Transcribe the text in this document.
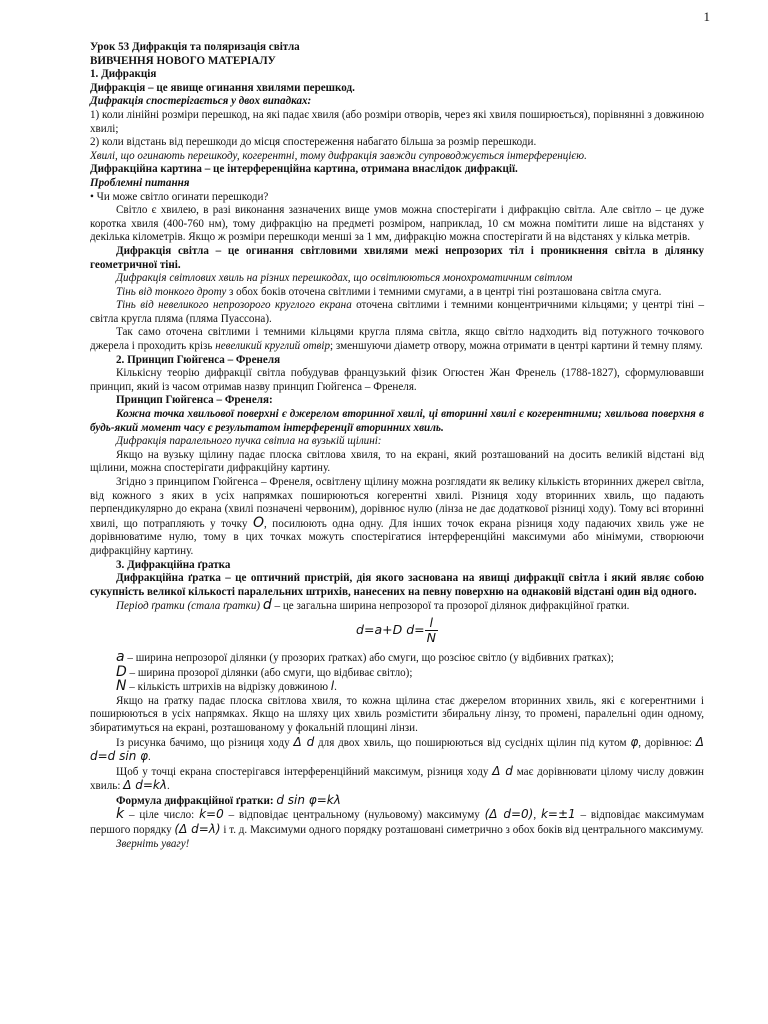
1

Урок 53 Дифракція та поляризація світла

ВИВЧЕННЯ НОВОГО МАТЕРІАЛУ

1. Дифракція

Дифракція – це явище огинання хвилями перешкод.

Дифракція спостерігається у двох випадках:

1) коли лінійні розміри перешкод, на які падає хвиля (або розміри отворів, через які хвиля поширюється), порівнянні з довжиною хвилі;

2) коли відстань від перешкоди до місця спостереження набагато більша за розмір перешкоди.

Хвилі, що огинають перешкоду, когерентні, тому дифракція завжди супроводжується інтерференцією.

Дифракційна картина – це інтерференційна картина, отримана внаслідок дифракції.

Проблемні питання

• Чи може світло огинати перешкоди?

Світло є хвилею, в разі виконання зазначених вище умов можна спостерігати і дифракцію світла. Але світло – це дуже коротка хвиля (400-760 нм), тому дифракцію на предметі розміром, наприклад, 10 см можна помітити лише на відстанях у декілька кілометрів. Якщо ж розміри перешкоди менші за 1 мм, дифракцію можна спостерігати й на відстанях у кілька метрів.

Дифракція світла – це огинання світловими хвилями межі непрозорих тіл і проникнення світла в ділянку геометричної тіні.

Дифракція світлових хвиль на різних перешкодах, що освітлюються монохроматичним світлом

Тінь від тонкого дроту з обох боків оточена світлими і темними смугами, а в центрі тіні розташована світла смуга.

Тінь від невеликого непрозорого круглого екрана оточена світлими і темними концентричними кільцями; у центрі тіні – світла кругла пляма (пляма Пуассона).

Так само оточена світлими і темними кільцями кругла пляма світла, якщо світло надходить від потужного точкового джерела і проходить крізь невеликий круглий отвір; зменшуючи діаметр отвору, можна отримати в центрі картини й темну пляму.

2. Принцип Гюйгенса – Френеля

Кількісну теорію дифракції світла побудував французький фізик Огюстен Жан Френель (1788-1827), сформулювавши принцип, який із часом отримав назву принцип Гюйгенса – Френеля.

Принцип Гюйгенса – Френеля:

Кожна точка хвильової поверхні є джерелом вторинної хвилі, ці вторинні хвилі є когерентними; хвильова поверхня в будь-який момент часу є результатом інтерференції вторинних хвиль.

Дифракція паралельного пучка світла на вузькій щілині:

Якщо на вузьку щілину падає плоска світлова хвиля, то на екрані, який розташований на досить великій відстані від щілини, можна спостерігати дифракційну картину.

Згідно з принципом Гюйгенса – Френеля, освітлену щілину можна розглядати як велику кількість вторинних джерел світла, від кожного з яких в усіх напрямках поширюються когерентні хвилі. Різниця ходу вторинних хвиль, що падають перпендикулярно до екрана (хвилі позначені червоним), дорівнює нулю (лінза не дає додаткової різниці ходу). Тому всі вторинні хвилі, що потрапляють у точку O, посилюють одна одну. Для інших точок екрана різниця ходу падаючих хвиль уже не дорівнюватиме нулю, тому в цих точках можуть спостерігатися інтерференційні максимуми або мінімуми, створюючи дифракційну картину.

3. Дифракційна ґратка

Дифракційна ґратка – це оптичний пристрій, дія якого заснована на явищі дифракції світла і який являє собою сукупність великої кількості паралельних штрихів, нанесених на певну поверхню на однаковій відстані один від одного.

Період ґратки (стала ґратки) d – це загальна ширина непрозорої та прозорої ділянок дифракційної ґратки.

d=a+D $d= \frac{l}{N}$

a – ширина непрозорої ділянки (у прозорих ґратках) або смуги, що розсіює світло (у відбивних ґратках);

D – ширина прозорої ділянки (або смуги, що відбиває світло);

N – кількість штрихів на відрізку довжиною l.

Якщо на ґратку падає плоска світлова хвиля, то кожна щілина стає джерелом вторинних хвиль, які є когерентними і поширюються в усіх напрямках. Якщо на шляху цих хвиль розмістити збиральну лінзу, то промені, паралельні один одному, збиратимуться на екрані, розташованому у фокальній площині лінзи.

Із рисунка бачимо, що різниця ходу Δ d для двох хвиль, що поширюються від сусідніх щілин під кутом φ, дорівнює: Δ d=d sin φ.

Щоб у точці екрана спостерігався інтерференційний максимум, різниця ходу Δ d має дорівнювати цілому числу довжин хвиль: Δ d=kλ.

Формула дифракційної ґратки: d sin φ=kλ

k – ціле число: k=0 – відповідає центральному (нульовому) максимуму (Δ d=0), k=±1 – відповідає максимумам першого порядку (Δ d=λ) і т. д. Максимуми одного порядку розташовані симетрично з обох боків від центрального максимуму.

Зверніть увагу!
